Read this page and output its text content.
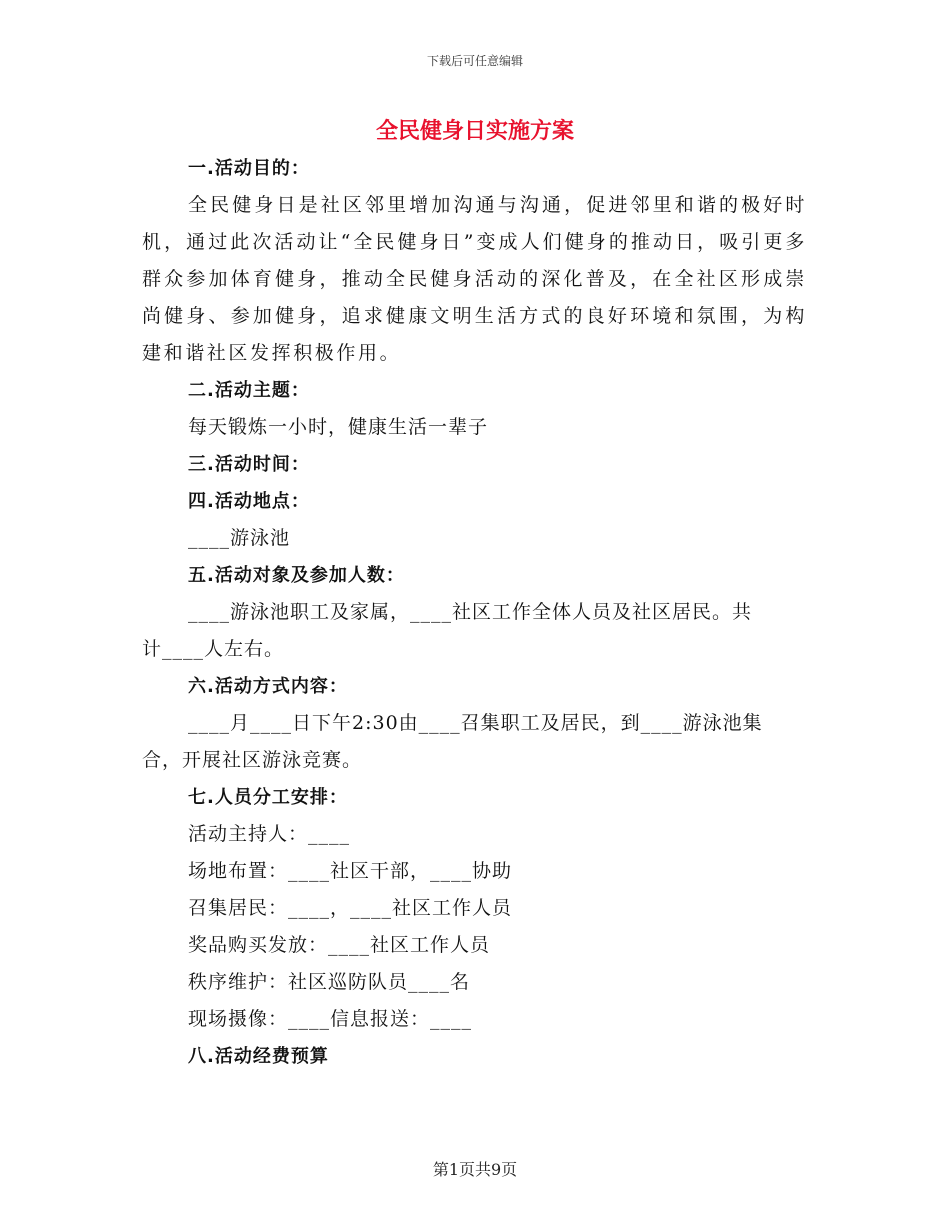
下载后可任意编辑
全民健身日实施方案
一.活动目的：
全民健身日是社区邻里增加沟通与沟通，促进邻里和谐的极好时机，通过此次活动让“全民健身日”变成人们健身的推动日，吸引更多群众参加体育健身，推动全民健身活动的深化普及，在全社区形成崇尚健身、参加健身，追求健康文明生活方式的良好环境和氛围，为构建和谐社区发挥积极作用。
二.活动主题：
每天锻炼一小时，健康生活一辈子
三.活动时间：
四.活动地点：
____游泳池
五.活动对象及参加人数：
____游泳池职工及家属，____社区工作全体人员及社区居民。共
计____人左右。
六.活动方式内容：
____月____日下午2:30由____召集职工及居民，到____游泳池集
合，开展社区游泳竞赛。
七.人员分工安排：
活动主持人：____
场地布置：____社区干部，____协助
召集居民：____，____社区工作人员
奖品购买发放：____社区工作人员
秩序维护：社区巡防队员____名
现场摄像：____信息报送：____
八.活动经费预算
第1页共9页
